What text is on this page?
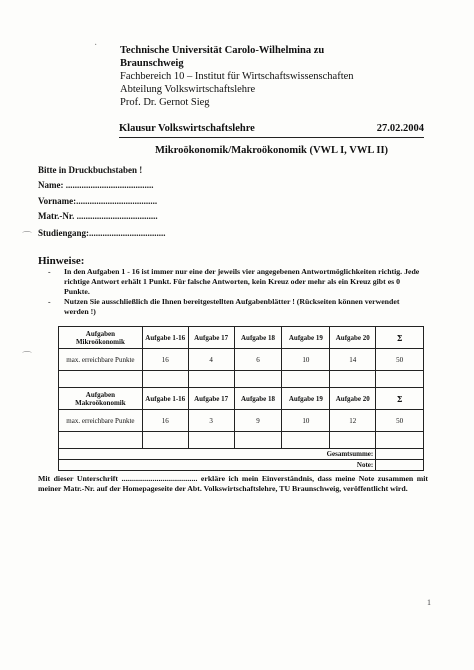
· Technische Universität Carolo-Wilhelmina zu
Braunschweig
Fachbereich 10 – Institut für Wirtschaftswissenschaften
Abteilung Volkswirtschaftslehre
Prof. Dr. Gernot Sieg
Klausur Volkswirtschaftslehre	27.02.2004
Mikroökonomik/Makroökonomik (VWL I, VWL II)
Bitte in Druckbuchstaben !
Name: .......................................
Vorname:....................................
Matr.-Nr. ....................................
Studiengang:..................................
⌒
Hinweise:
- In den Aufgaben 1 - 16 ist immer nur eine der jeweils vier angegebenen Antwortmöglichkeiten richtig. Jede richtige Antwort erhält 1 Punkt. Für falsche Antworten, kein Kreuz oder mehr als ein Kreuz gibt es 0 Punkte.
- Nutzen Sie ausschließlich die Ihnen bereitgestellten Aufgabenblätter ! (Rückseiten können verwendet werden !)
Aufgaben Mikroökonomik	Aufgabe 1-16	Aufgabe 17	Aufgabe 18	Aufgabe 19	Aufgabe 20	Σ
max. erreichbare Punkte	16	4	6	10	14	50

Aufgaben Makroökonomik	Aufgabe 1-16	Aufgabe 17	Aufgabe 18	Aufgabe 19	Aufgabe 20	Σ
max. erreichbare Punkte	16	3	9	10	12	50

Gesamtsumme:						
Note:						
⌒
Mit dieser Unterschrift ....................................... erkläre ich mein Einverständnis, dass meine Note zusammen mit meiner Matr.-Nr. auf der Homepageseite der Abt. Volkswirtschaftslehre, TU Braunschweig, veröffentlicht wird.
1
